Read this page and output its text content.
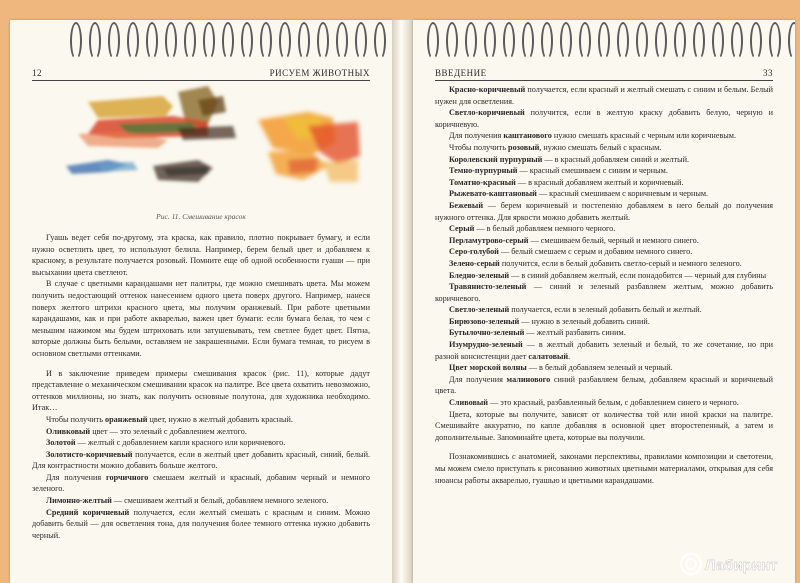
12	РИСУЕМ ЖИВОТНЫХ
Рис. 11. Смешивание красок

Гуашь ведет себя по-другому, эта краска, как правило, плотно покрывает бумагу, и если нужно осветлить цвет, то используют белила. Например, берем белый цвет и добавляем к красному, в результате получается розовый. Помните еще об одной особенности гуаши — при высыхании цвета светлеют.

В случае с цветными карандашами нет палитры, где можно смешивать цвета. Мы можем получить недостающий оттенок нанесением одного цвета поверх другого. Например, нанеся поверх желтого штрихи красного цвета, мы получим оранжевый. При работе цветными карандашами, как и при работе акварелью, важен цвет бумаги: если бумага белая, то чем с меньшим нажимом мы будем штриховать или затушевывать, тем светлее будет цвет. Пятна, которые должны быть белыми, оставляем не закрашенными. Если бумага темная, то рисуем в основном светлыми оттенками.

И в заключение приведем примеры смешивания красок (рис. 11), которые дадут представление о механическом смешивании красок на палитре. Все цвета охватить невозможно, оттенков миллионы, но знать, как получить основные полутона, для художника необходимо. Итак…

Чтобы получить оранжевый цвет, нужно в желтый добавить красный.

Оливковый цвет — это зеленый с добавлением желтого.

Золотой — желтый с добавлением капли красного или коричневого.

Золотисто-коричневый получается, если в желтый цвет добавить красный, синий, белый. Для контрастности можно добавить больше желтого.

Для получения горчичного смешаем желтый и красный, добавим черный и немного зеленого.

Лимонно-желтый — смешиваем желтый и белый, добавляем немного зеленого.

Средний коричневый получается, если желтый смешать с красным и синим. Можно добавить белый — для осветления тона, для получения более темного оттенка нужно добавить черный.

ВВЕДЕНИЕ	33

Красно-коричневый получается, если красный и желтый смешать с синим и белым. Белый нужен для осветления.

Светло-коричневый получится, если в желтую краску добавить белую, черную и коричневую.

Для получения каштанового нужно смешать красный с черным или коричневым.

Чтобы получить розовый, нужно смешать белый с красным.

Королевский пурпурный — в красный добавляем синий и желтый.

Темно-пурпурный — красный смешиваем с синим и черным.

Томатно-красный — в красный добавляем желтый и коричневый.

Рыжевато-каштановый — красный смешиваем с коричневым и черным.

Бежевый — берем коричневый и постепенно добавляем в него белый до получения нужного оттенка. Для яркости можно добавить желтый.

Серый — в белый добавляем немного черного.

Перламутрово-серый — смешиваем белый, черный и немного синего.

Серо-голубой — белый смешаем с серым и добавим немного синего.

Зелено-серый получится, если в белый добавить светло-серый и немного зеленого.

Бледно-зеленый — в синий добавляем желтый, если понадобится — черный для глубины

Травянисто-зеленый — синий и зеленый разбавляем желтым, можно добавить коричневого.

Светло-зеленый получается, если в зеленый добавить белый и желтый.

Бирюзово-зеленый — нужно в зеленый добавить синий.

Бутылочно-зеленый — желтый разбавить синим.

Изумрудно-зеленый — в желтый добавить зеленый и белый, то же сочетание, но при разной консистенции дает салатовый.

Цвет морской волны — в белый добавляем зеленый и черный.

Для получения малинового синий разбавляем белым, добавляем красный и коричневый цвета.

Сливовый — это красный, разбавленный белым, с добавлением синего и черного.

Цвета, которые вы получите, зависят от количества той или иной краски на палитре. Смешивайте аккуратно, по капле добавляя в основной цвет второстепенный, а затем и дополнительные. Запоминайте цвета, которые вы получили.

Познакомившись с анатомией, законами перспективы, правилами композиции и светотени, мы можем смело приступать к рисованию животных цветными материалами, открывая для себя нюансы работы акварелью, гуашью и цветными карандашами.

Лабиринт
